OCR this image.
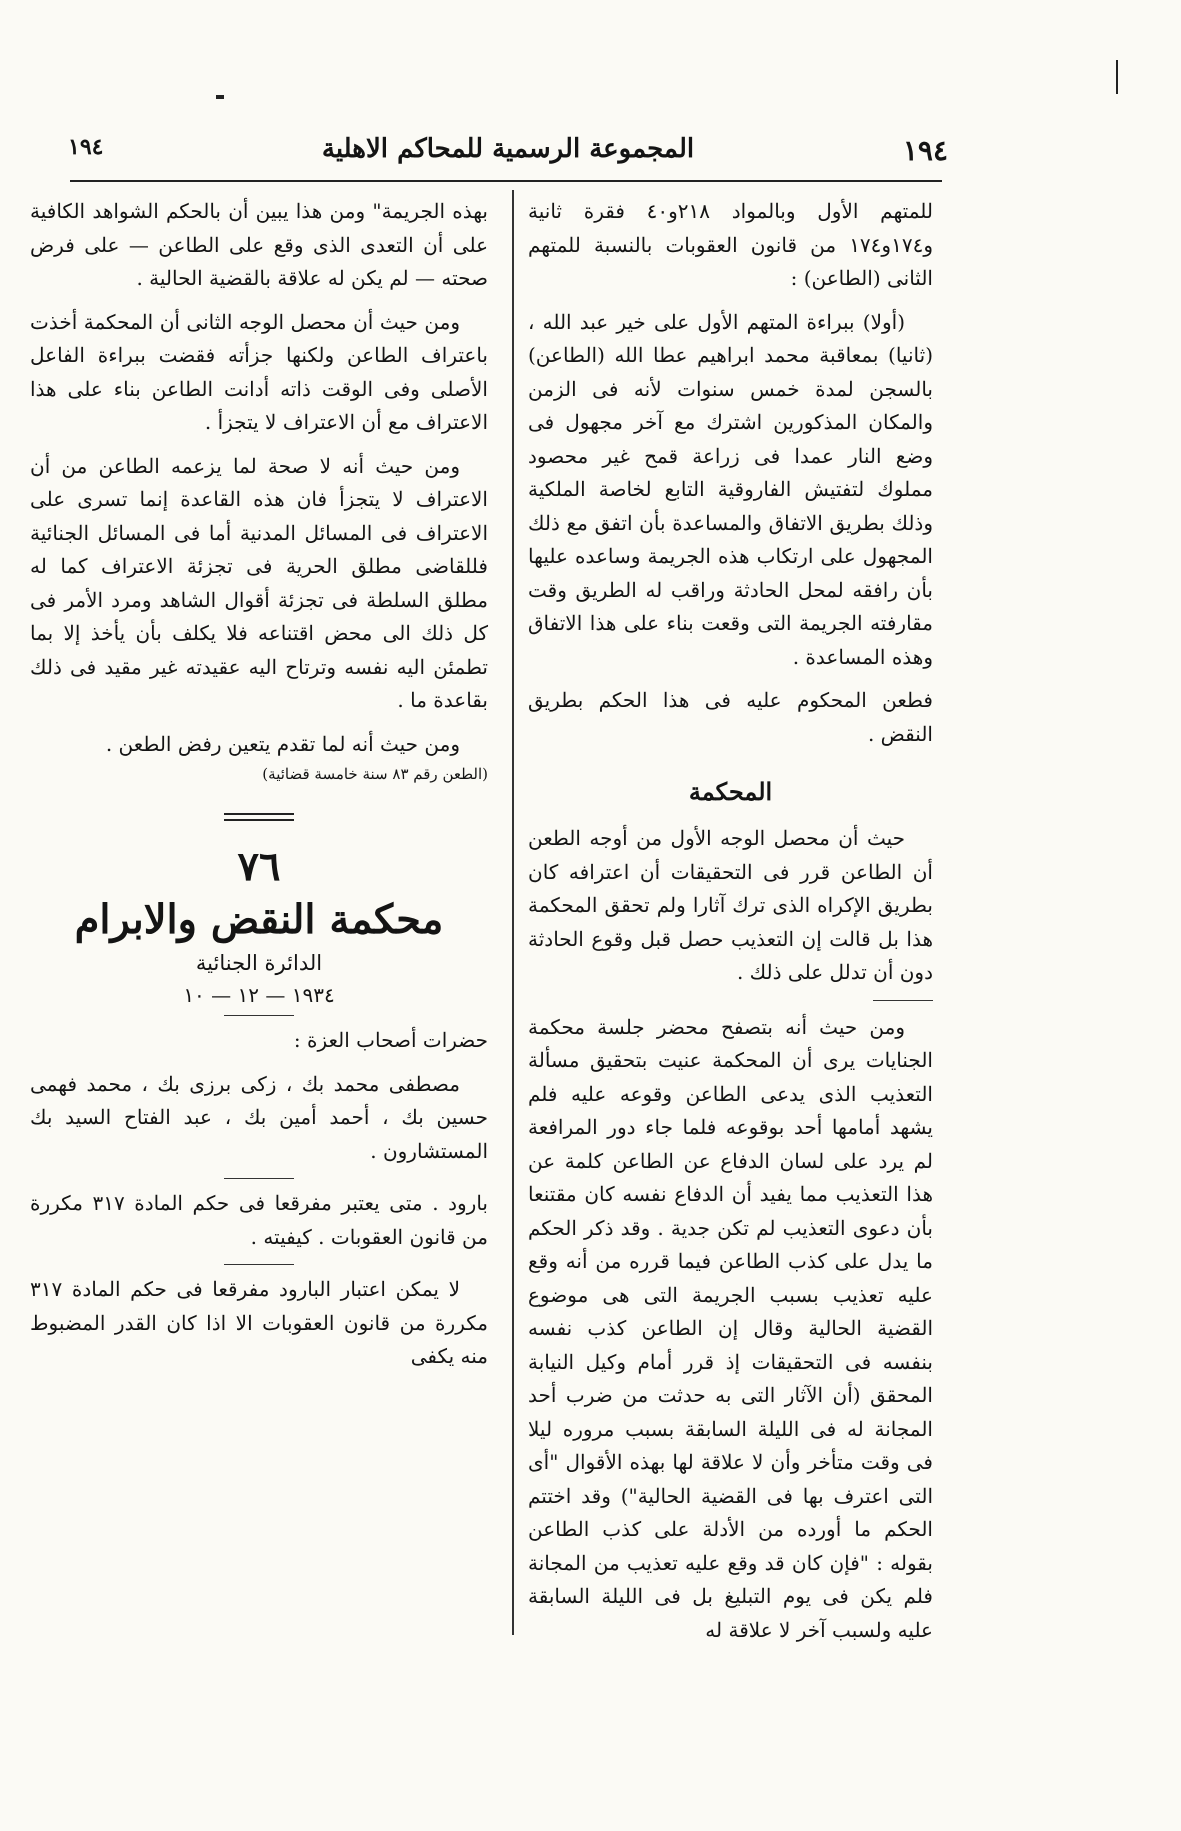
١٩٤	المجموعة الرسمية للمحاكم الاهلية	١٩٤

للمتهم الأول وبالمواد ٢١٨و٤٠ فقرة ثانية و١٧٤و١٧٤ من قانون العقوبات بالنسبة للمتهم الثانى (الطاعن) :

(أولا) ببراءة المتهم الأول على خير عبد الله ، (ثانيا) بمعاقبة محمد ابراهيم عطا الله (الطاعن) بالسجن لمدة خمس سنوات لأنه فى الزمن والمكان المذكورين اشترك مع آخر مجهول فى وضع النار عمدا فى زراعة قمح غير محصود مملوك لتفتيش الفاروقية التابع لخاصة الملكية وذلك بطريق الاتفاق والمساعدة بأن اتفق مع ذلك المجهول على ارتكاب هذه الجريمة وساعده عليها بأن رافقه لمحل الحادثة وراقب له الطريق وقت مقارفته الجريمة التى وقعت بناء على هذا الاتفاق وهذه المساعدة .

فطعن المحكوم عليه فى هذا الحكم بطريق النقض .

المحكمة

حيث أن محصل الوجه الأول من أوجه الطعن أن الطاعن قرر فى التحقيقات أن اعترافه كان بطريق الإكراه الذى ترك آثارا ولم تحقق المحكمة هذا بل قالت إن التعذيب حصل قبل وقوع الحادثة دون أن تدلل على ذلك .

ومن حيث أنه بتصفح محضر جلسة محكمة الجنايات يرى أن المحكمة عنيت بتحقيق مسألة التعذيب الذى يدعى الطاعن وقوعه عليه فلم يشهد أمامها أحد بوقوعه فلما جاء دور المرافعة لم يرد على لسان الدفاع عن الطاعن كلمة عن هذا التعذيب مما يفيد أن الدفاع نفسه كان مقتنعا بأن دعوى التعذيب لم تكن جدية . وقد ذكر الحكم ما يدل على كذب الطاعن فيما قرره من أنه وقع عليه تعذيب بسبب الجريمة التى هى موضوع القضية الحالية وقال إن الطاعن كذب نفسه بنفسه فى التحقيقات إذ قرر أمام وكيل النيابة المحقق (أن الآثار التى به حدثت من ضرب أحد المجانة له فى الليلة السابقة بسبب مروره ليلا فى وقت متأخر وأن لا علاقة لها بهذه الأقوال "أى التى اعترف بها فى القضية الحالية") وقد اختتم الحكم ما أورده من الأدلة على كذب الطاعن بقوله : "فإن كان قد وقع عليه تعذيب من المجانة فلم يكن فى يوم التبليغ بل فى الليلة السابقة عليه ولسبب آخر لا علاقة له

بهذه الجريمة" ومن هذا يبين أن بالحكم الشواهد الكافية على أن التعدى الذى وقع على الطاعن — على فرض صحته — لم يكن له علاقة بالقضية الحالية .

ومن حيث أن محصل الوجه الثانى أن المحكمة أخذت باعتراف الطاعن ولكنها جزأته فقضت ببراءة الفاعل الأصلى وفى الوقت ذاته أدانت الطاعن بناء على هذا الاعتراف مع أن الاعتراف لا يتجزأ .

ومن حيث أنه لا صحة لما يزعمه الطاعن من أن الاعتراف لا يتجزأ فان هذه القاعدة إنما تسرى على الاعتراف فى المسائل المدنية أما فى المسائل الجنائية فللقاضى مطلق الحرية فى تجزئة الاعتراف كما له مطلق السلطة فى تجزئة أقوال الشاهد ومرد الأمر فى كل ذلك الى محض اقتناعه فلا يكلف بأن يأخذ إلا بما تطمئن اليه نفسه وترتاح اليه عقيدته غير مقيد فى ذلك بقاعدة ما .

ومن حيث أنه لما تقدم يتعين رفض الطعن .

(الطعن رقم ٨٣ سنة خامسة قضائية)
٧٦
محكمة النقض والابرام
الدائرة الجنائية
١٩٣٤ — ١٢ — ١٠

حضرات أصحاب العزة :

مصطفى محمد بك ، زكى برزى بك ، محمد فهمى حسين بك ، أحمد أمين بك ، عبد الفتاح السيد بك المستشارون .

بارود . متى يعتبر مفرقعا فى حكم المادة ٣١٧ مكررة من قانون العقوبات . كيفيته .

لا يمكن اعتبار البارود مفرقعا فى حكم المادة ٣١٧ مكررة من قانون العقوبات الا اذا كان القدر المضبوط منه يكفى
